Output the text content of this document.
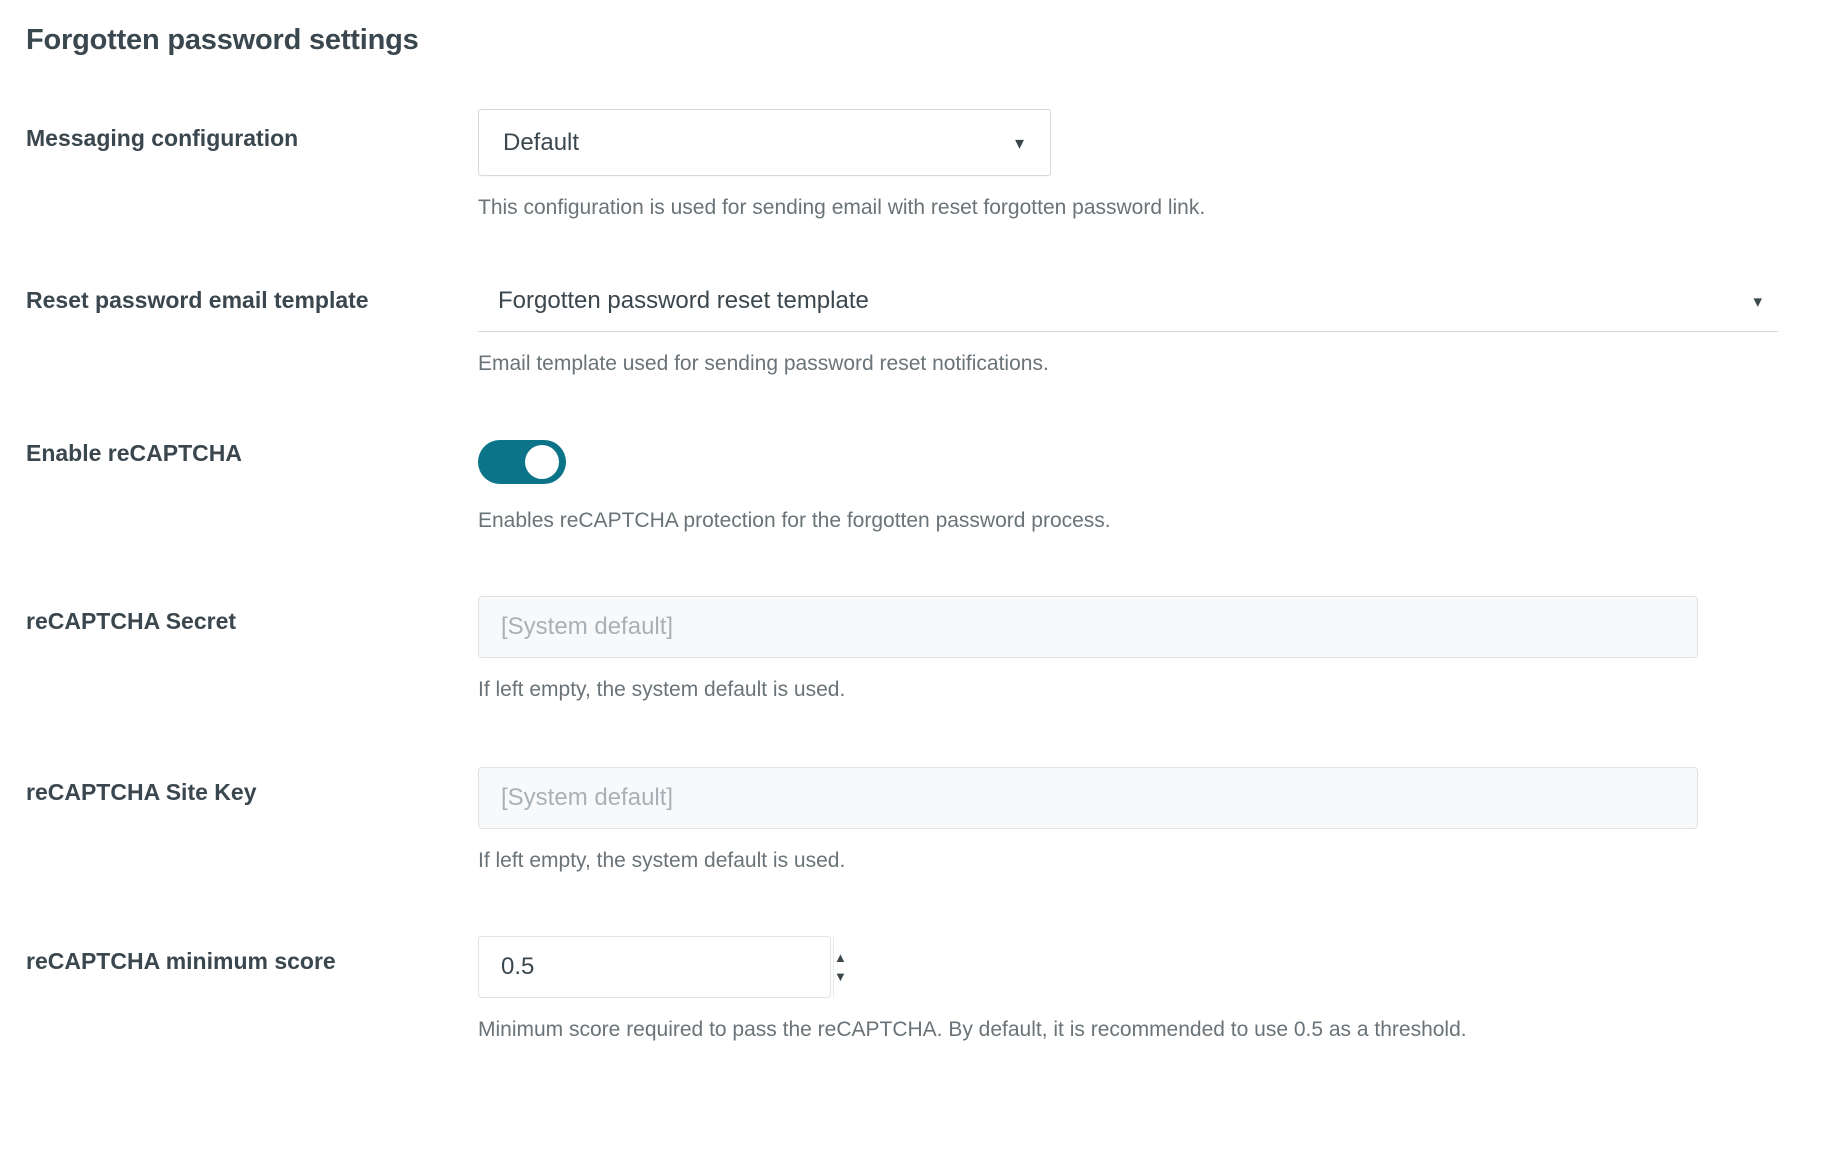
Forgotten password settings
Messaging configuration	Default	▾
This configuration is used for sending email with reset forgotten password link.
Reset password email template	Forgotten password reset template	▾
Email template used for sending password reset notifications.
Enable reCAPTCHA
Enables reCAPTCHA protection for the forgotten password process.
reCAPTCHA Secret
[System default]
If left empty, the system default is used.
reCAPTCHA Site Key
[System default]
If left empty, the system default is used.
reCAPTCHA minimum score
0.5	▲
▼
Minimum score required to pass the reCAPTCHA. By default, it is recommended to use 0.5 as a threshold.
